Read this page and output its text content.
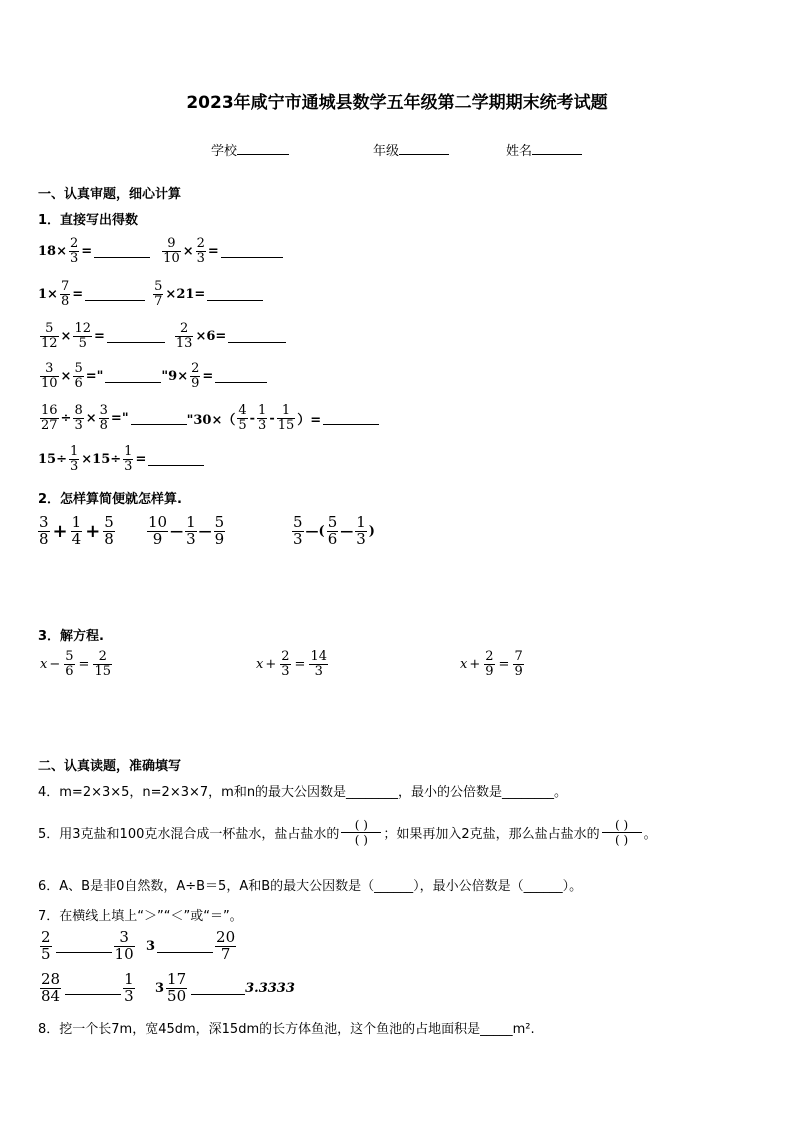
2023年咸宁市通城县数学五年级第二学期期末统考试题
学校	年级	姓名
一、认真审题，细心计算
1．直接写出得数
$18\times \frac{2}{3}$ =	$\frac{9}{10} \times \frac{2}{3}$ =
$1\times \frac{7}{8}$ =	$\frac{5}{7} \times 21=$
$\frac{5}{12} \times \frac{12}{5}$ =	$\frac{2}{13} \times 6=$
$\frac{3}{10} \times \frac{5}{6}$ ="	"$9\times \frac{2}{9}$ =
$\frac{16}{27} \div \frac{8}{3} \times \frac{3}{8}$ ="	"$30\times( \frac{4}{5} - \frac{1}{3} - \frac{1}{15}$ ）=
$15\div \frac{1}{3} \times 15\div \frac{1}{3}$ =
2．怎样算简便就怎样算.
$\frac{3}{8} + \frac{1}{4} + \frac{5}{8} \frac{10}{9}$ — $\frac{1}{3}$ — $\frac{5}{9}$	$\frac{5}{3}$ —( $\frac{5}{6}$ — $\frac{1}{3}$ )
3．解方程.
$x - \frac{5}{6} = \frac{2}{15}$	$x + \frac{2}{3} = \frac{14}{3}$	$x + \frac{2}{9} = \frac{7}{9}$
二、认真读题，准确填写
4．m=2×3×5，n=2×3×7，m和n的最大公因数是________，最小的公倍数是________。
5．用3克盐和100克水混合成一杯盐水，盐占盐水的 $\frac{( )}{( )}$ ；如果再加入2克盐，那么盐占盐水的 $\frac{( )}{( )}$ 。
6．A、B是非0自然数，A÷B＝5，A和B的最大公因数是（______），最小公倍数是（______）。
7．在横线上填上“＞”“＜”或“＝”。
$\frac{2}{5}$	$\frac{3}{10} 3$	$\frac{20}{7}$
$\frac{28}{84}$	$\frac{1}{3} 3 \frac{17}{50}$	3.3333
8．挖一个长7m，宽45dm，深15dm的长方体鱼池，这个鱼池的占地面积是_____m².
